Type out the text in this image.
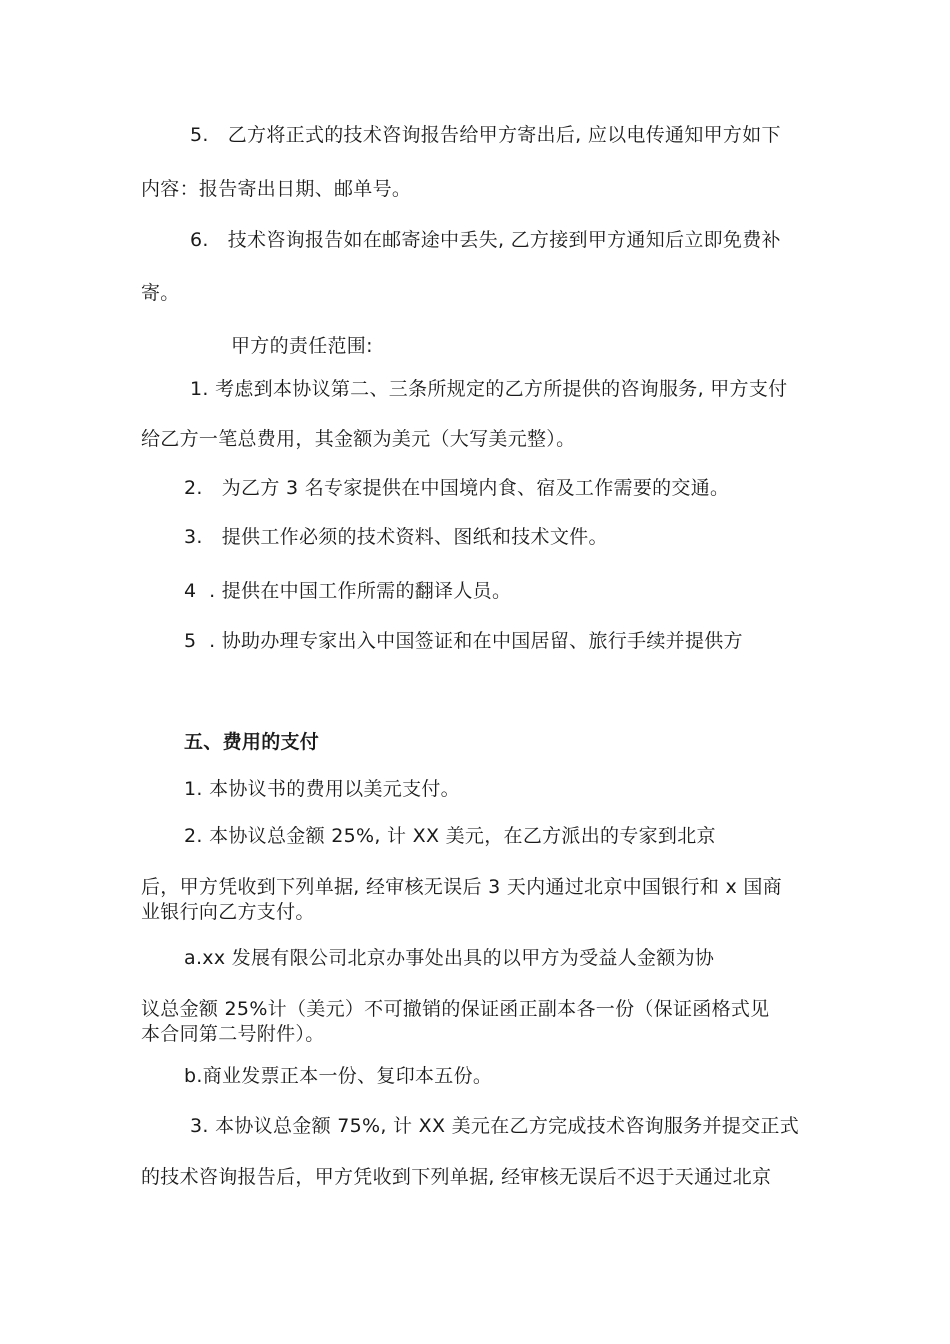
5.   乙方将正式的技术咨询报告给甲方寄出后, 应以电传通知甲方如下

内容：报告寄出日期、邮单号。

6.   技术咨询报告如在邮寄途中丢失, 乙方接到甲方通知后立即免费补

寄。

甲方的责任范围:

1. 考虑到本协议第二、三条所规定的乙方所提供的咨询服务, 甲方支付

给乙方一笔总费用，其金额为美元（大写美元整）。

2.   为乙方 3 名专家提供在中国境内食、宿及工作需要的交通。

3.   提供工作必须的技术资料、图纸和技术文件。

4  . 提供在中国工作所需的翻译人员。

5  . 协助办理专家出入中国签证和在中国居留、旅行手续并提供方

五、费用的支付

1. 本协议书的费用以美元支付。

2. 本协议总金额 25%, 计 XX 美元，在乙方派出的专家到北京

后，甲方凭收到下列单据, 经审核无误后 3 天内通过北京中国银行和 x 国商

业银行向乙方支付。

a.xx 发展有限公司北京办事处出具的以甲方为受益人金额为协

议总金额 25%计（美元）不可撤销的保证函正副本各一份（保证函格式见

本合同第二号附件）。

b.商业发票正本一份、复印本五份。

3. 本协议总金额 75%, 计 XX 美元在乙方完成技术咨询服务并提交正式

的技术咨询报告后，甲方凭收到下列单据, 经审核无误后不迟于天通过北京
